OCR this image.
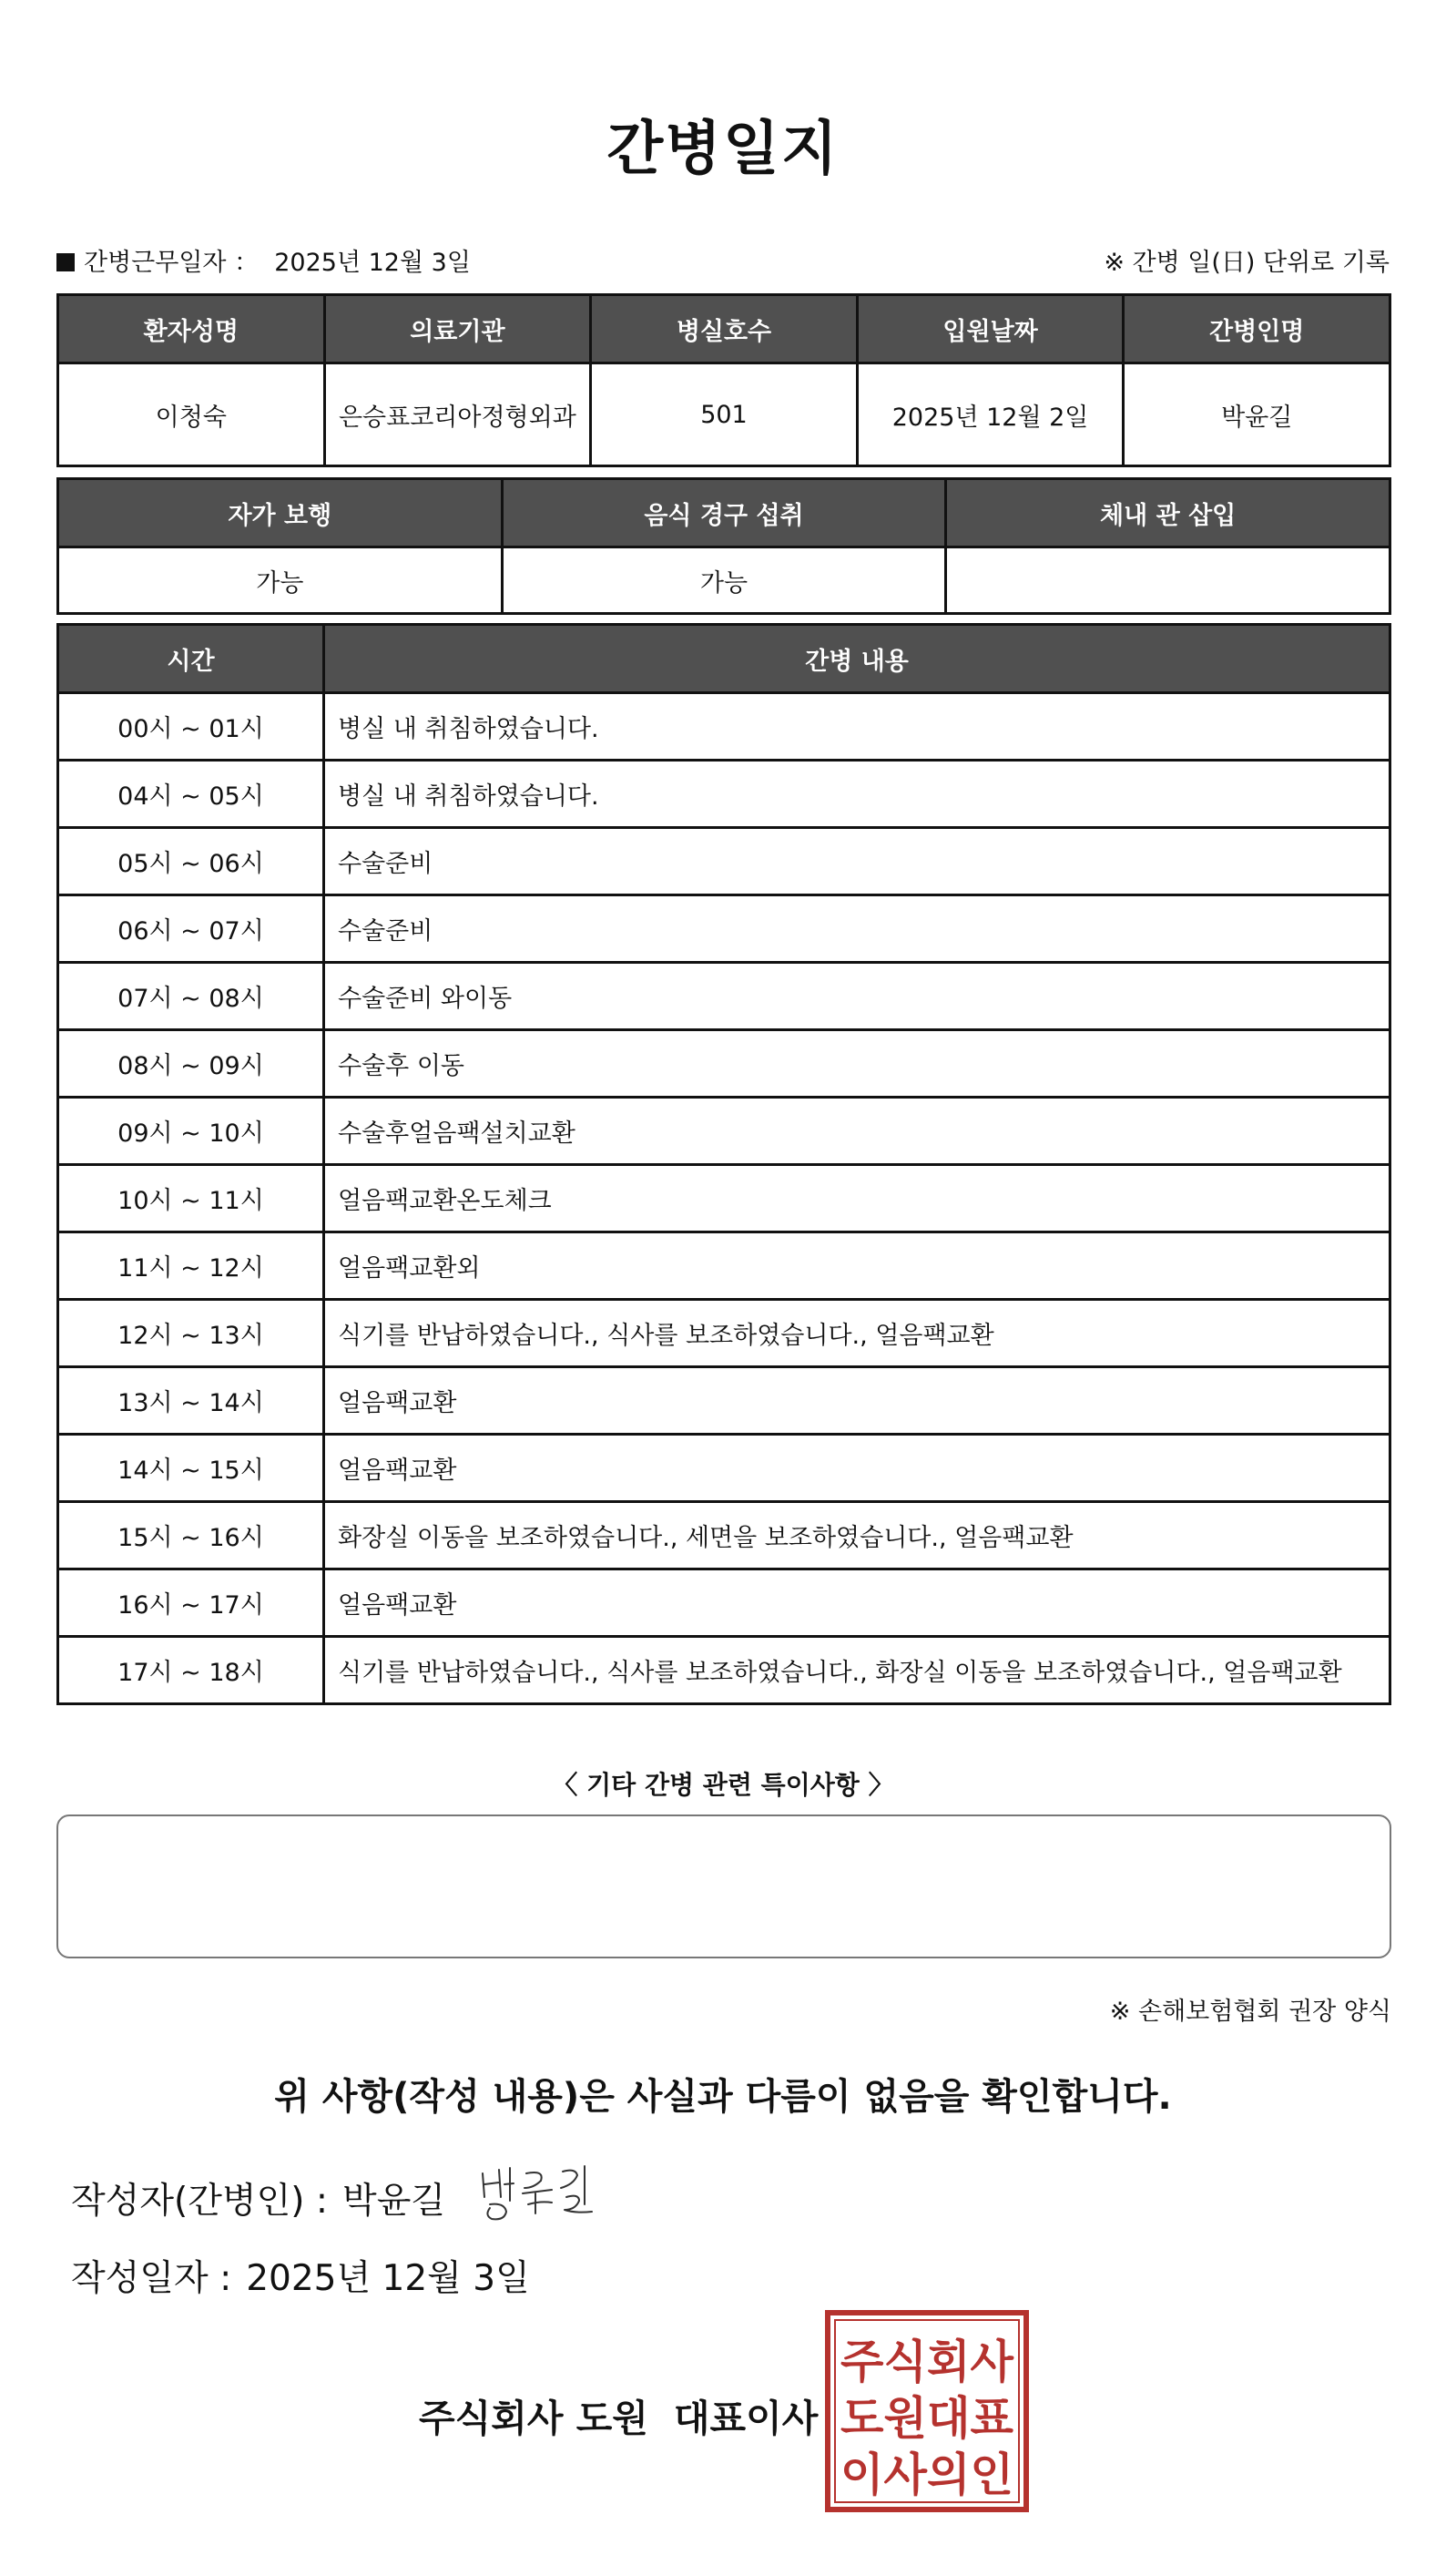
간병일지
간병근무일자 ： 2025년 12월 3일	※ 간병 일(日) 단위로 기록
환자성명	의료기관	병실호수	입원날짜	간병인명
이청숙	은승표코리아정형외과	501	2025년 12월 2일	박윤길
자가 보행	음식 경구 섭취	체내 관 삽입
가능	가능	
시간	간병 내용
00시 ~ 01시	병실 내 취침하였습니다.
04시 ~ 05시	병실 내 취침하였습니다.
05시 ~ 06시	수술준비
06시 ~ 07시	수술준비
07시 ~ 08시	수술준비 와이동
08시 ~ 09시	수술후 이동
09시 ~ 10시	수술후얼음팩설치교환
10시 ~ 11시	얼음팩교환온도체크
11시 ~ 12시	얼음팩교환외
12시 ~ 13시	식기를 반납하였습니다., 식사를 보조하였습니다., 얼음팩교환
13시 ~ 14시	얼음팩교환
14시 ~ 15시	얼음팩교환
15시 ~ 16시	화장실 이동을 보조하였습니다., 세면을 보조하였습니다., 얼음팩교환
16시 ~ 17시	얼음팩교환
17시 ~ 18시	식기를 반납하였습니다., 식사를 보조하였습니다., 화장실 이동을 보조하였습니다., 얼음팩교환
〈 기타 간병 관련 특이사항 〉
※ 손해보험협회 권장 양식
위 사항(작성 내용)은 사실과 다름이 없음을 확인합니다.
작성자(간병인) : 박윤길
작성일자 : 2025년 12월 3일
주식회사 도원 대표이사
주식회사
도원대표
이사의인
